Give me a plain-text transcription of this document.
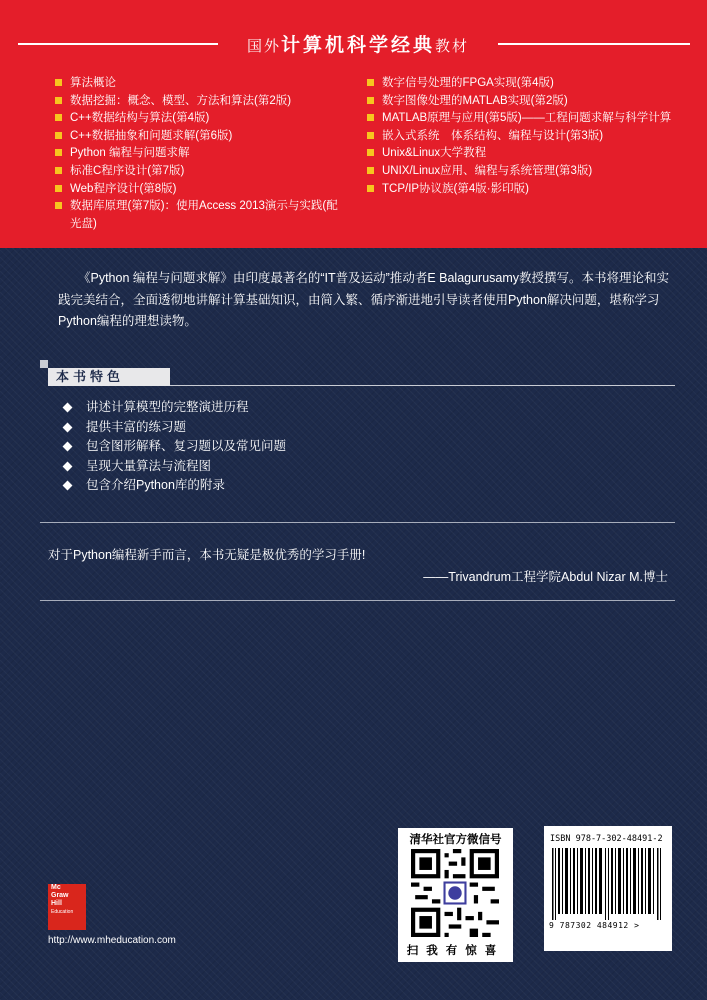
国外计算机科学经典教材
算法概论
数据挖掘：概念、模型、方法和算法(第2版)
C++数据结构与算法(第4版)
C++数据抽象和问题求解(第6版)
Python 编程与问题求解
标准C程序设计(第7版)
Web程序设计(第8版)
数据库原理(第7版)：使用Access 2013演示与实践(配光盘)
数字信号处理的FPGA实现(第4版)
数字图像处理的MATLAB实现(第2版)
MATLAB原理与应用(第5版)——工程问题求解与科学计算
嵌入式系统　体系结构、编程与设计(第3版)
Unix&Linux大学教程
UNIX/Linux应用、编程与系统管理(第3版)
TCP/IP协议族(第4版·影印版)
《Python 编程与问题求解》由印度最著名的“IT普及运动”推动者E Balagurusamy教授撰写。本书将理论和实践完美结合，全面透彻地讲解计算基础知识，由简入繁、循序渐进地引导读者使用Python解决问题，堪称学习Python编程的理想读物。
本书特色
讲述计算模型的完整演进历程
提供丰富的练习题
包含图形解释、复习题以及常见问题
呈现大量算法与流程图
包含介绍Python库的附录
对于Python编程新手而言，本书无疑是极优秀的学习手册!
——Trivandrum工程学院Abdul Nizar M.博士
Mc
Graw
Hill
Education
http://www.mheducation.com
清华社官方微信号
扫我有惊喜
ISBN 978-7-302-48491-2
9 787302 484912 >
定价：59.80元
